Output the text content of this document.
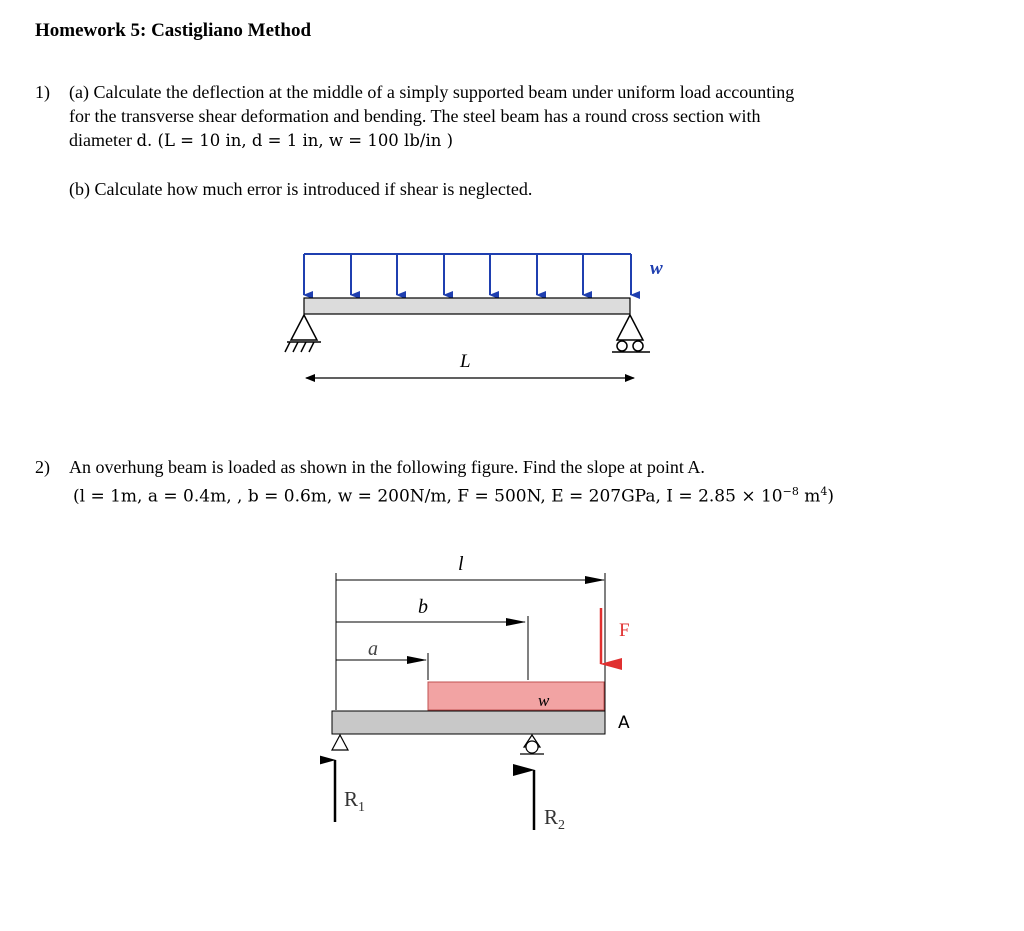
Homework 5: Castigliano Method
1) (a) Calculate the deflection at the middle of a simply supported beam under uniform load accounting
for the transverse shear deformation and bending. The steel beam has a round cross section with
diameter d. (L = 10 in, d = 1 in, w = 100 lb/in )
(b) Calculate how much error is introduced if shear is neglected.
w
L
2) An overhung beam is loaded as shown in the following figure. Find the slope at point A.
(l = 1m, a = 0.4m, , b = 0.6m, w = 200N/m, F = 500N, E = 207GPa, $I = 2.85 \times 10^{-8}$ $m^4$)
l
b
a
F
w
A
$R_1$	$R_2$
